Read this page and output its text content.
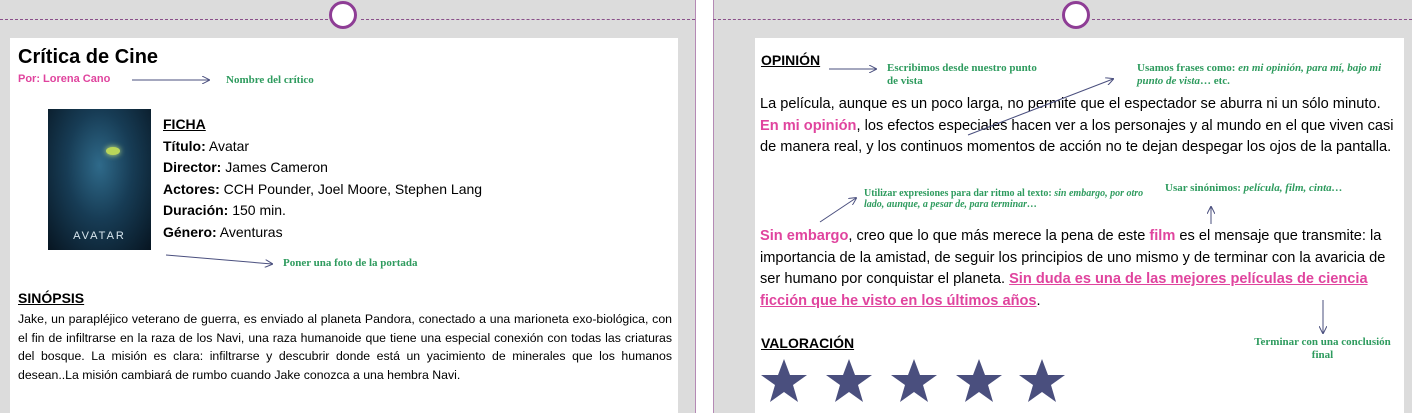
Crítica de Cine
Por: Lorena Cano	Nombre del crítico
AVATAR
FICHA
Título: Avatar
Director: James Cameron
Actores: CCH Pounder, Joel Moore, Stephen Lang
Duración: 150 min.
Género: Aventuras
Poner una foto de la portada
SINÓPSIS
Jake, un parapléjico veterano de guerra, es enviado al planeta Pandora, conectado a una marioneta exo-biológica, con el fin de infiltrarse en la raza de los Navi, una raza humanoide que tiene una especial conexión con todas las criaturas del bosque. La misión es clara: infiltrarse y descubrir donde está un yacimiento de minerales que los humanos desean..La misión cambiará de rumbo cuando Jake conozca a una hembra Navi.
OPINIÓN	Escribimos desde nuestro punto de vista
Usamos frases como: en mi opinión, para mí, bajo mi punto de vista… etc.
La película, aunque es un poco larga, no permite que el espectador se aburra ni un sólo minuto. En mi opinión, los efectos especiales hacen ver a los personajes y al mundo en el que viven casi de manera real, y los continuos momentos de acción no te dejan despegar los ojos de la pantalla.
Utilizar expresiones para dar ritmo al texto: sin embargo, por otro lado, aunque, a pesar de, para terminar…
Usar sinónimos: película, film, cinta…
Sin embargo, creo que lo que más merece la pena de este film es el mensaje que transmite: la importancia de la amistad, de seguir los principios de uno mismo y de terminar con la avaricia de ser humano por conquistar el planeta. Sin duda es una de las mejores películas de ciencia ficción que he visto en los últimos años.
VALORACIÓN	Terminar con una conclusión final
